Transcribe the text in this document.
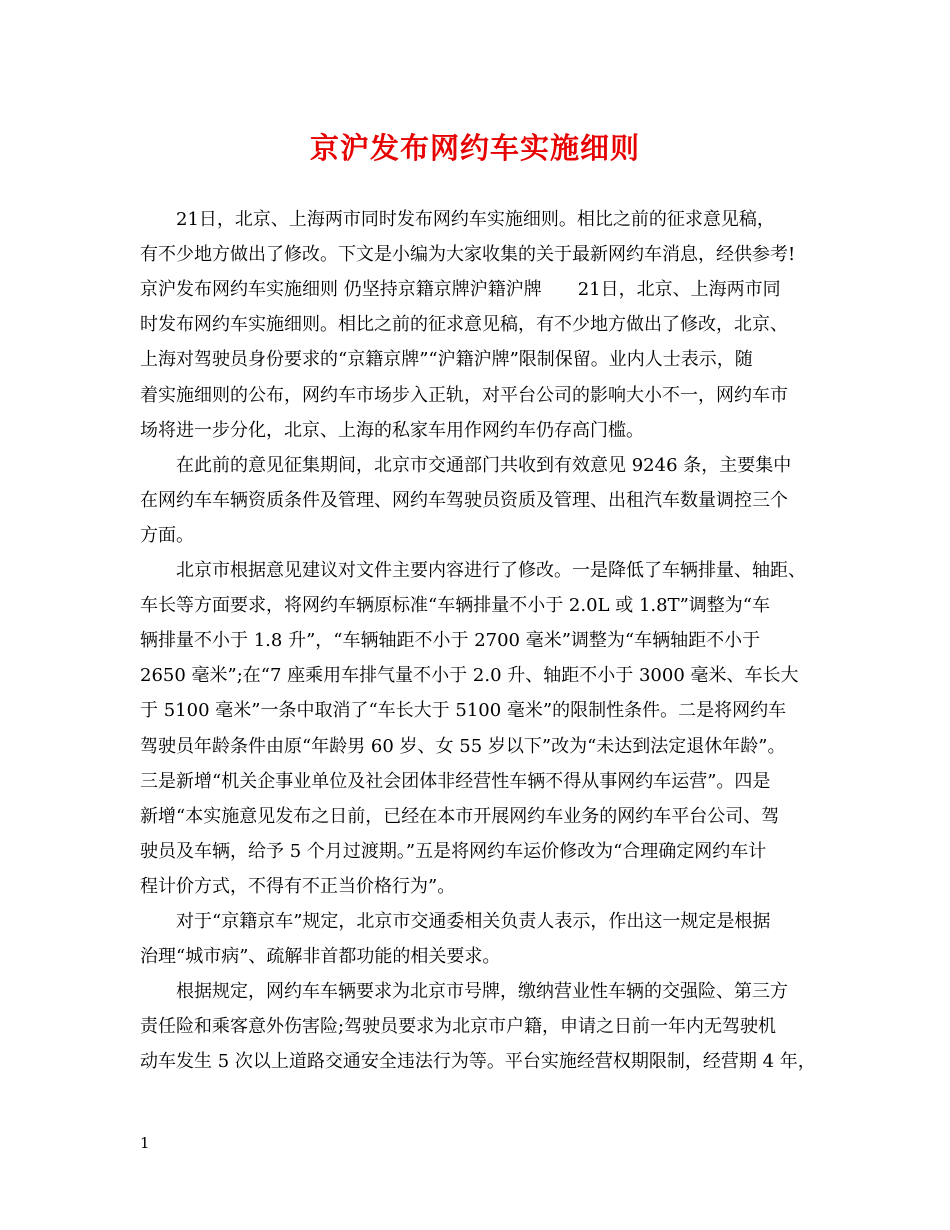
京沪发布网约车实施细则
　　21日，北京、上海两市同时发布网约车实施细则。相比之前的征求意见稿，
有不少地方做出了修改。下文是小编为大家收集的关于最新网约车消息，经供参考!
京沪发布网约车实施细则 仍坚持京籍京牌沪籍沪牌　　21日，北京、上海两市同
时发布网约车实施细则。相比之前的征求意见稿，有不少地方做出了修改，北京、
上海对驾驶员身份要求的“京籍京牌”“沪籍沪牌”限制保留。业内人士表示，随
着实施细则的公布，网约车市场步入正轨，对平台公司的影响大小不一，网约车市
场将进一步分化，北京、上海的私家车用作网约车仍存高门槛。
　　在此前的意见征集期间，北京市交通部门共收到有效意见 9246 条，主要集中
在网约车车辆资质条件及管理、网约车驾驶员资质及管理、出租汽车数量调控三个
方面。
　　北京市根据意见建议对文件主要内容进行了修改。一是降低了车辆排量、轴距、
车长等方面要求，将网约车辆原标准“车辆排量不小于 2.0L 或 1.8T”调整为“车
辆排量不小于 1.8 升”，“车辆轴距不小于 2700 毫米”调整为“车辆轴距不小于
2650 毫米”;在“7 座乘用车排气量不小于 2.0 升、轴距不小于 3000 毫米、车长大
于 5100 毫米”一条中取消了“车长大于 5100 毫米”的限制性条件。二是将网约车
驾驶员年龄条件由原“年龄男 60 岁、女 55 岁以下”改为“未达到法定退休年龄”。
三是新增“机关企事业单位及社会团体非经营性车辆不得从事网约车运营”。四是
新增“本实施意见发布之日前，已经在本市开展网约车业务的网约车平台公司、驾
驶员及车辆，给予 5 个月过渡期。”五是将网约车运价修改为“合理确定网约车计
程计价方式，不得有不正当价格行为”。
　　对于“京籍京车”规定，北京市交通委相关负责人表示，作出这一规定是根据
治理“城市病”、疏解非首都功能的相关要求。
　　根据规定，网约车车辆要求为北京市号牌，缴纳营业性车辆的交强险、第三方
责任险和乘客意外伤害险;驾驶员要求为北京市户籍，申请之日前一年内无驾驶机
动车发生 5 次以上道路交通安全违法行为等。平台实施经营权期限制，经营期 4 年，
1
